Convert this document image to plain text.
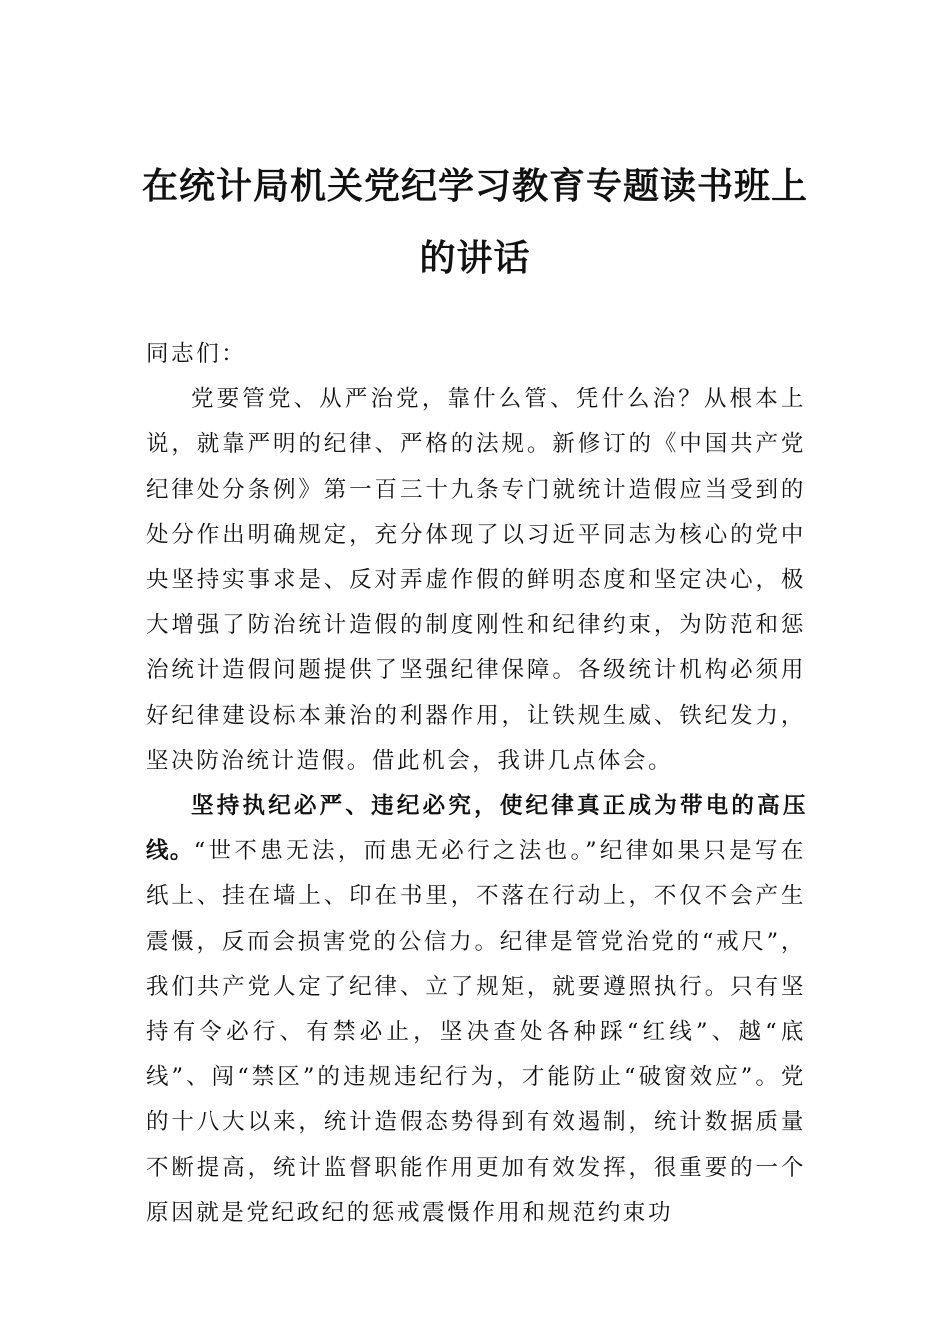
在统计局机关党纪学习教育专题读书班上
的讲话

同志们：

党要管党、从严治党，靠什么管、凭什么治？从根本上说，就靠严明的纪律、严格的法规。新修订的《中国共产党纪律处分条例》第一百三十九条专门就统计造假应当受到的处分作出明确规定，充分体现了以习近平同志为核心的党中央坚持实事求是、反对弄虚作假的鲜明态度和坚定决心，极大增强了防治统计造假的制度刚性和纪律约束，为防范和惩治统计造假问题提供了坚强纪律保障。各级统计机构必须用好纪律建设标本兼治的利器作用，让铁规生威、铁纪发力，坚决防治统计造假。借此机会，我讲几点体会。

坚持执纪必严、违纪必究，使纪律真正成为带电的高压线。“世不患无法，而患无必行之法也。”纪律如果只是写在纸上、挂在墙上、印在书里，不落在行动上，不仅不会产生震慑，反而会损害党的公信力。纪律是管党治党的“戒尺”，我们共产党人定了纪律、立了规矩，就要遵照执行。只有坚持有令必行、有禁必止，坚决查处各种踩“红线”、越“底线”、闯“禁区”的违规违纪行为，才能防止“破窗效应”。党的十八大以来，统计造假态势得到有效遏制，统计数据质量不断提高，统计监督职能作用更加有效发挥，很重要的一个原因就是党纪政纪的惩戒震慑作用和规范约束功
